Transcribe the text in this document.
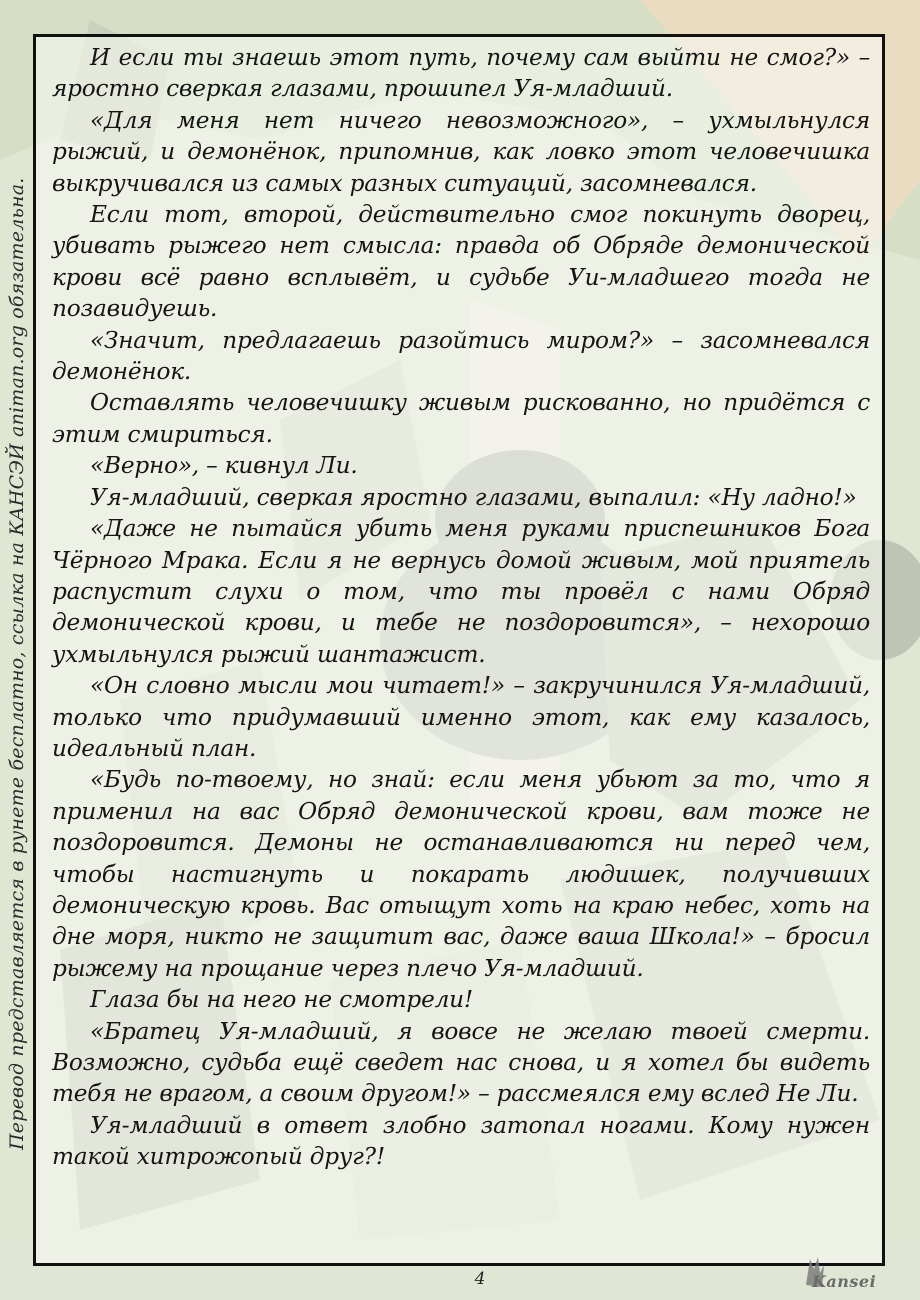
И если ты знаешь этот путь, почему сам выйти не смог?» – яростно сверкая глазами, прошипел Уя-младший.

«Для меня нет ничего невозможного», – ухмыльнулся рыжий, и демонёнок, припомнив, как ловко этот человечишка выкручивался из самых разных ситуаций, засомневался.

Если тот, второй, действительно смог покинуть дворец, убивать рыжего нет смысла: правда об Обряде демонической крови всё равно всплывёт, и судьбе Уи-младшего тогда не позавидуешь.

«Значит, предлагаешь разойтись миром?» – засомневался демонёнок.

Оставлять человечишку живым рискованно, но придётся с этим смириться.

«Верно», – кивнул Ли.

Уя-младший, сверкая яростно глазами, выпалил: «Ну ладно!»

«Даже не пытайся убить меня руками приспешников Бога Чёрного Мрака. Если я не вернусь домой живым, мой приятель распустит слухи о том, что ты провёл с нами Обряд демонической крови, и тебе не поздоровится», – нехорошо ухмыльнулся рыжий шантажист.

«Он словно мысли мои читает!» – закручинился Уя-младший, только что придумавший именно этот, как ему казалось, идеальный план.

«Будь по-твоему, но знай: если меня убьют за то, что я применил на вас Обряд демонической крови, вам тоже не поздоровится. Демоны не останавливаются ни перед чем, чтобы настигнуть и покарать людишек, получивших демоническую кровь. Вас отыщут хоть на краю небес, хоть на дне моря, никто не защитит вас, даже ваша Школа!» – бросил рыжему на прощание через плечо Уя-младший.

Глаза бы на него не смотрели!

«Братец Уя-младший, я вовсе не желаю твоей смерти. Возможно, судьба ещё сведет нас снова, и я хотел бы видеть тебя не врагом, а своим другом!» – рассмеялся ему вслед Не Ли.

Уя-младший в ответ злобно затопал ногами. Кому нужен такой хитрожопый друг?!

Перевод представляется в рунете бесплатно, ссылка на КАНСЭЙ animan.org обязательна.
4	Kansei
